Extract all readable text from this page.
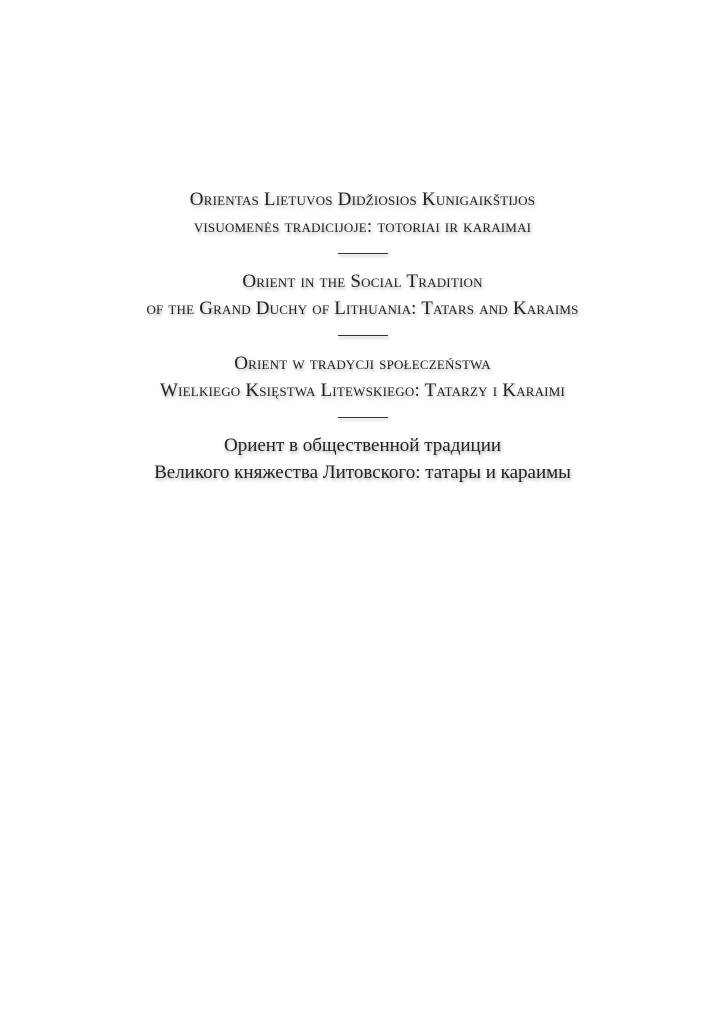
Orientas Lietuvos Didžiosios Kunigaikštijos
visuomenės tradicijoje: totoriai ir karaimai
Orient in the Social Tradition
of the Grand Duchy of Lithuania: Tatars and Karaims
Orient w tradycji społeczeństwa
Wielkiego Księstwa Litewskiego: Tatarzy i Karaimi
Ориент в общественной традиции
Великого княжества Литовского: татары и караимы
